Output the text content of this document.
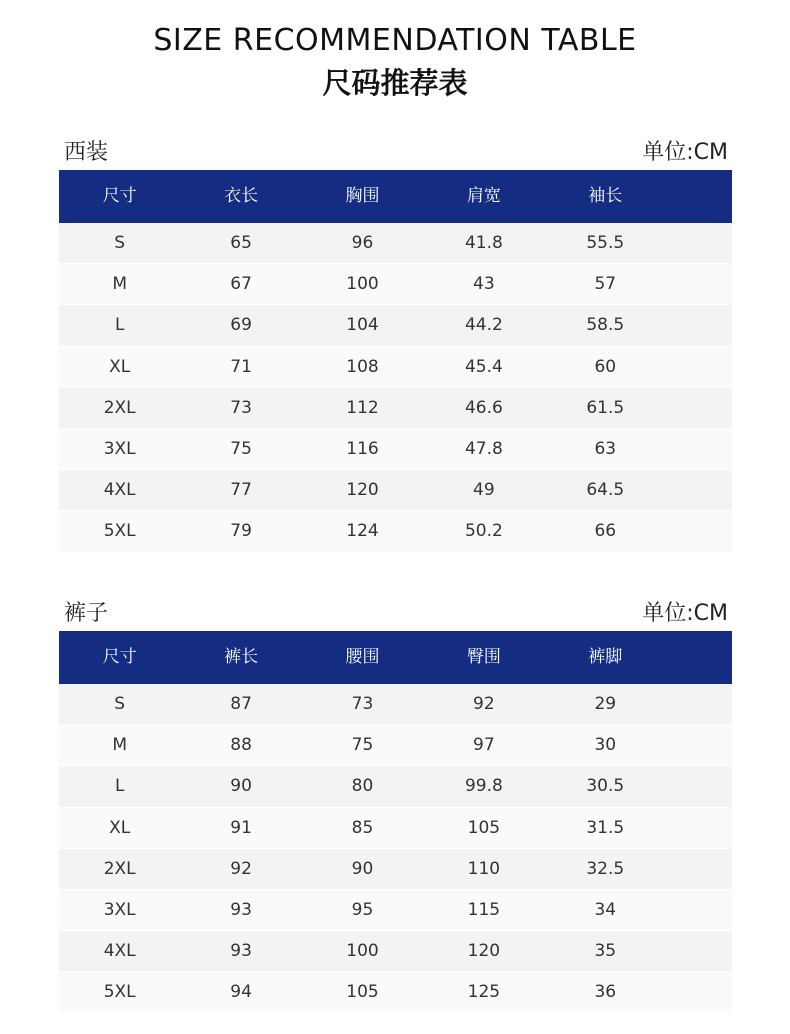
SIZE RECOMMENDATION TABLE
尺码推荐表
西装	单位:CM
尺寸	衣长	胸围	肩宽	袖长
S	65	96	41.8	55.5
M	67	100	43	57
L	69	104	44.2	58.5
XL	71	108	45.4	60
2XL	73	112	46.6	61.5
3XL	75	116	47.8	63
4XL	77	120	49	64.5
5XL	79	124	50.2	66
裤子	单位:CM
尺寸	裤长	腰围	臀围	裤脚
S	87	73	92	29
M	88	75	97	30
L	90	80	99.8	30.5
XL	91	85	105	31.5
2XL	92	90	110	32.5
3XL	93	95	115	34
4XL	93	100	120	35
5XL	94	105	125	36
